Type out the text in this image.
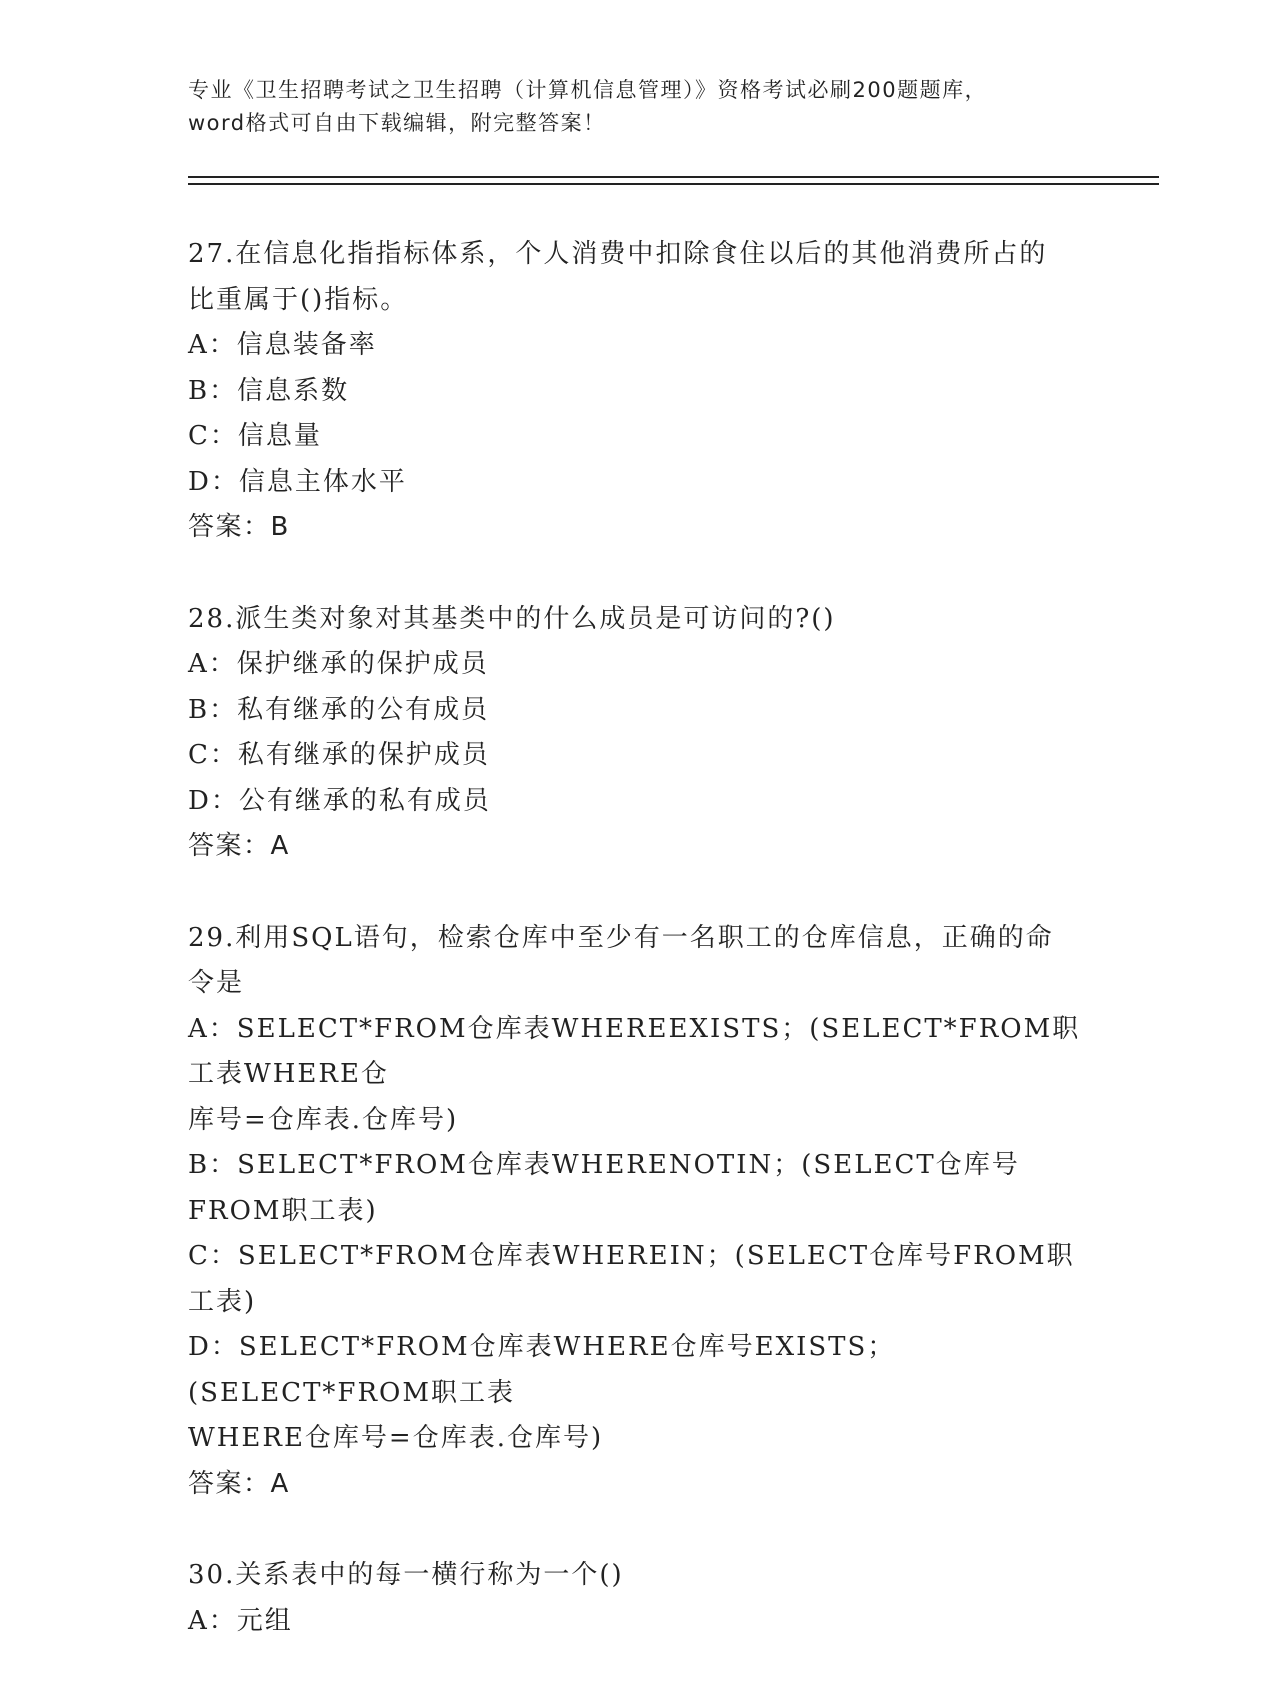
专业《卫生招聘考试之卫生招聘（计算机信息管理）》资格考试必刷200题题库，
word格式可自由下载编辑，附完整答案！
27.在信息化指指标体系，个人消费中扣除食住以后的其他消费所占的
比重属于()指标。
A：信息装备率
B：信息系数
C：信息量
D：信息主体水平
答案：B
28.派生类对象对其基类中的什么成员是可访问的?()
A：保护继承的保护成员
B：私有继承的公有成员
C：私有继承的保护成员
D：公有继承的私有成员
答案：A
29.利用SQL语句，检索仓库中至少有一名职工的仓库信息，正确的命
令是
A：SELECT*FROM仓库表WHEREEXISTS；(SELECT*FROM职工表WHERE仓
库号=仓库表.仓库号)
B：SELECT*FROM仓库表WHERENOTIN；(SELECT仓库号FROM职工表)
C：SELECT*FROM仓库表WHEREIN；(SELECT仓库号FROM职工表)
D：SELECT*FROM仓库表WHERE仓库号EXISTS；(SELECT*FROM职工表
WHERE仓库号=仓库表.仓库号)
答案：A
30.关系表中的每一横行称为一个()
A：元组
